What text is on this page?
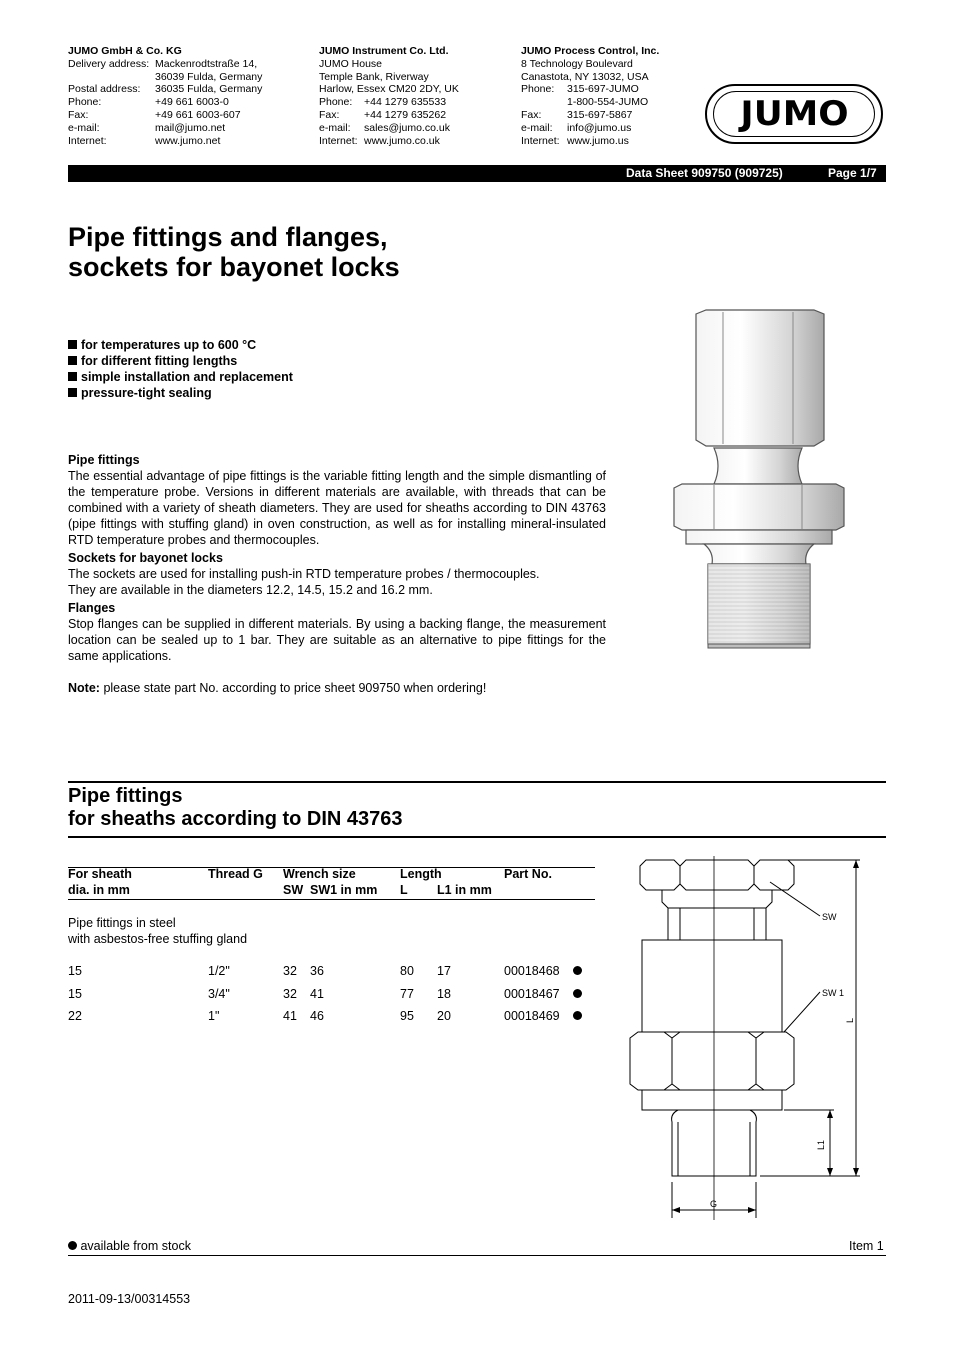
JUMO GmbH & Co. KG
Delivery address: Mackenrodtstraße 14,
36039 Fulda, Germany
Postal address:	36035 Fulda, Germany
Phone:	+49 661 6003-0
Fax:	+49 661 6003-607
e-mail:	mail@jumo.net
Internet:	www.jumo.net
JUMO Instrument Co. Ltd.
JUMO House
Temple Bank, Riverway
Harlow, Essex CM20 2DY, UK
Phone:	+44 1279 635533
Fax:	+44 1279 635262
e-mail:	sales@jumo.co.uk
Internet: www.jumo.co.uk
JUMO Process Control, Inc.
8 Technology Boulevard
Canastota, NY 13032, USA
Phone:	315-697-JUMO
1-800-554-JUMO
Fax:	315-697-5867
e-mail:	info@jumo.us
Internet: www.jumo.us
JUMO
Data Sheet 909750 (909725)	Page 1/7
Pipe fittings and flanges,
sockets for bayonet locks
for temperatures up to 600 °C
for different fitting lengths
simple installation and replacement
pressure-tight sealing
Pipe fittings
The essential advantage of pipe fittings is the variable fitting length and the simple dismantling of the temperature probe. Versions in different materials are available, with threads that can be combined with a variety of sheath diameters. They are used for sheaths according to DIN 43763 (pipe fittings with stuffing gland) in oven construction, as well as for installing mineral-insulated RTD temperature probes and thermocouples.
Sockets for bayonet locks
The sockets are used for installing push-in RTD temperature probes / thermocouples.
They are available in the diameters 12.2, 14.5, 15.2 and 16.2 mm.
Flanges
Stop flanges can be supplied in different materials. By using a backing flange, the measurement location can be sealed up to 1 bar. They are suitable as an alternative to pipe fittings for the same applications.
Note: please state part No. according to price sheet 909750 when ordering!
Pipe fittings
for sheaths according to DIN 43763
For sheath	Thread G Wrench size	Length	Part No.
dia. in mm	SW SW1 in mm L L1 in mm
Pipe fittings in steel
with asbestos-free stuffing gland
15	1/2"	32 36	80 17	00018468
15	3/4"	32 41	77 18	00018467
22	1"	41 46	95 20	00018469
SW
SW 1
L
L1
G
available from stock	Item 1
2011-09-13/00314553
